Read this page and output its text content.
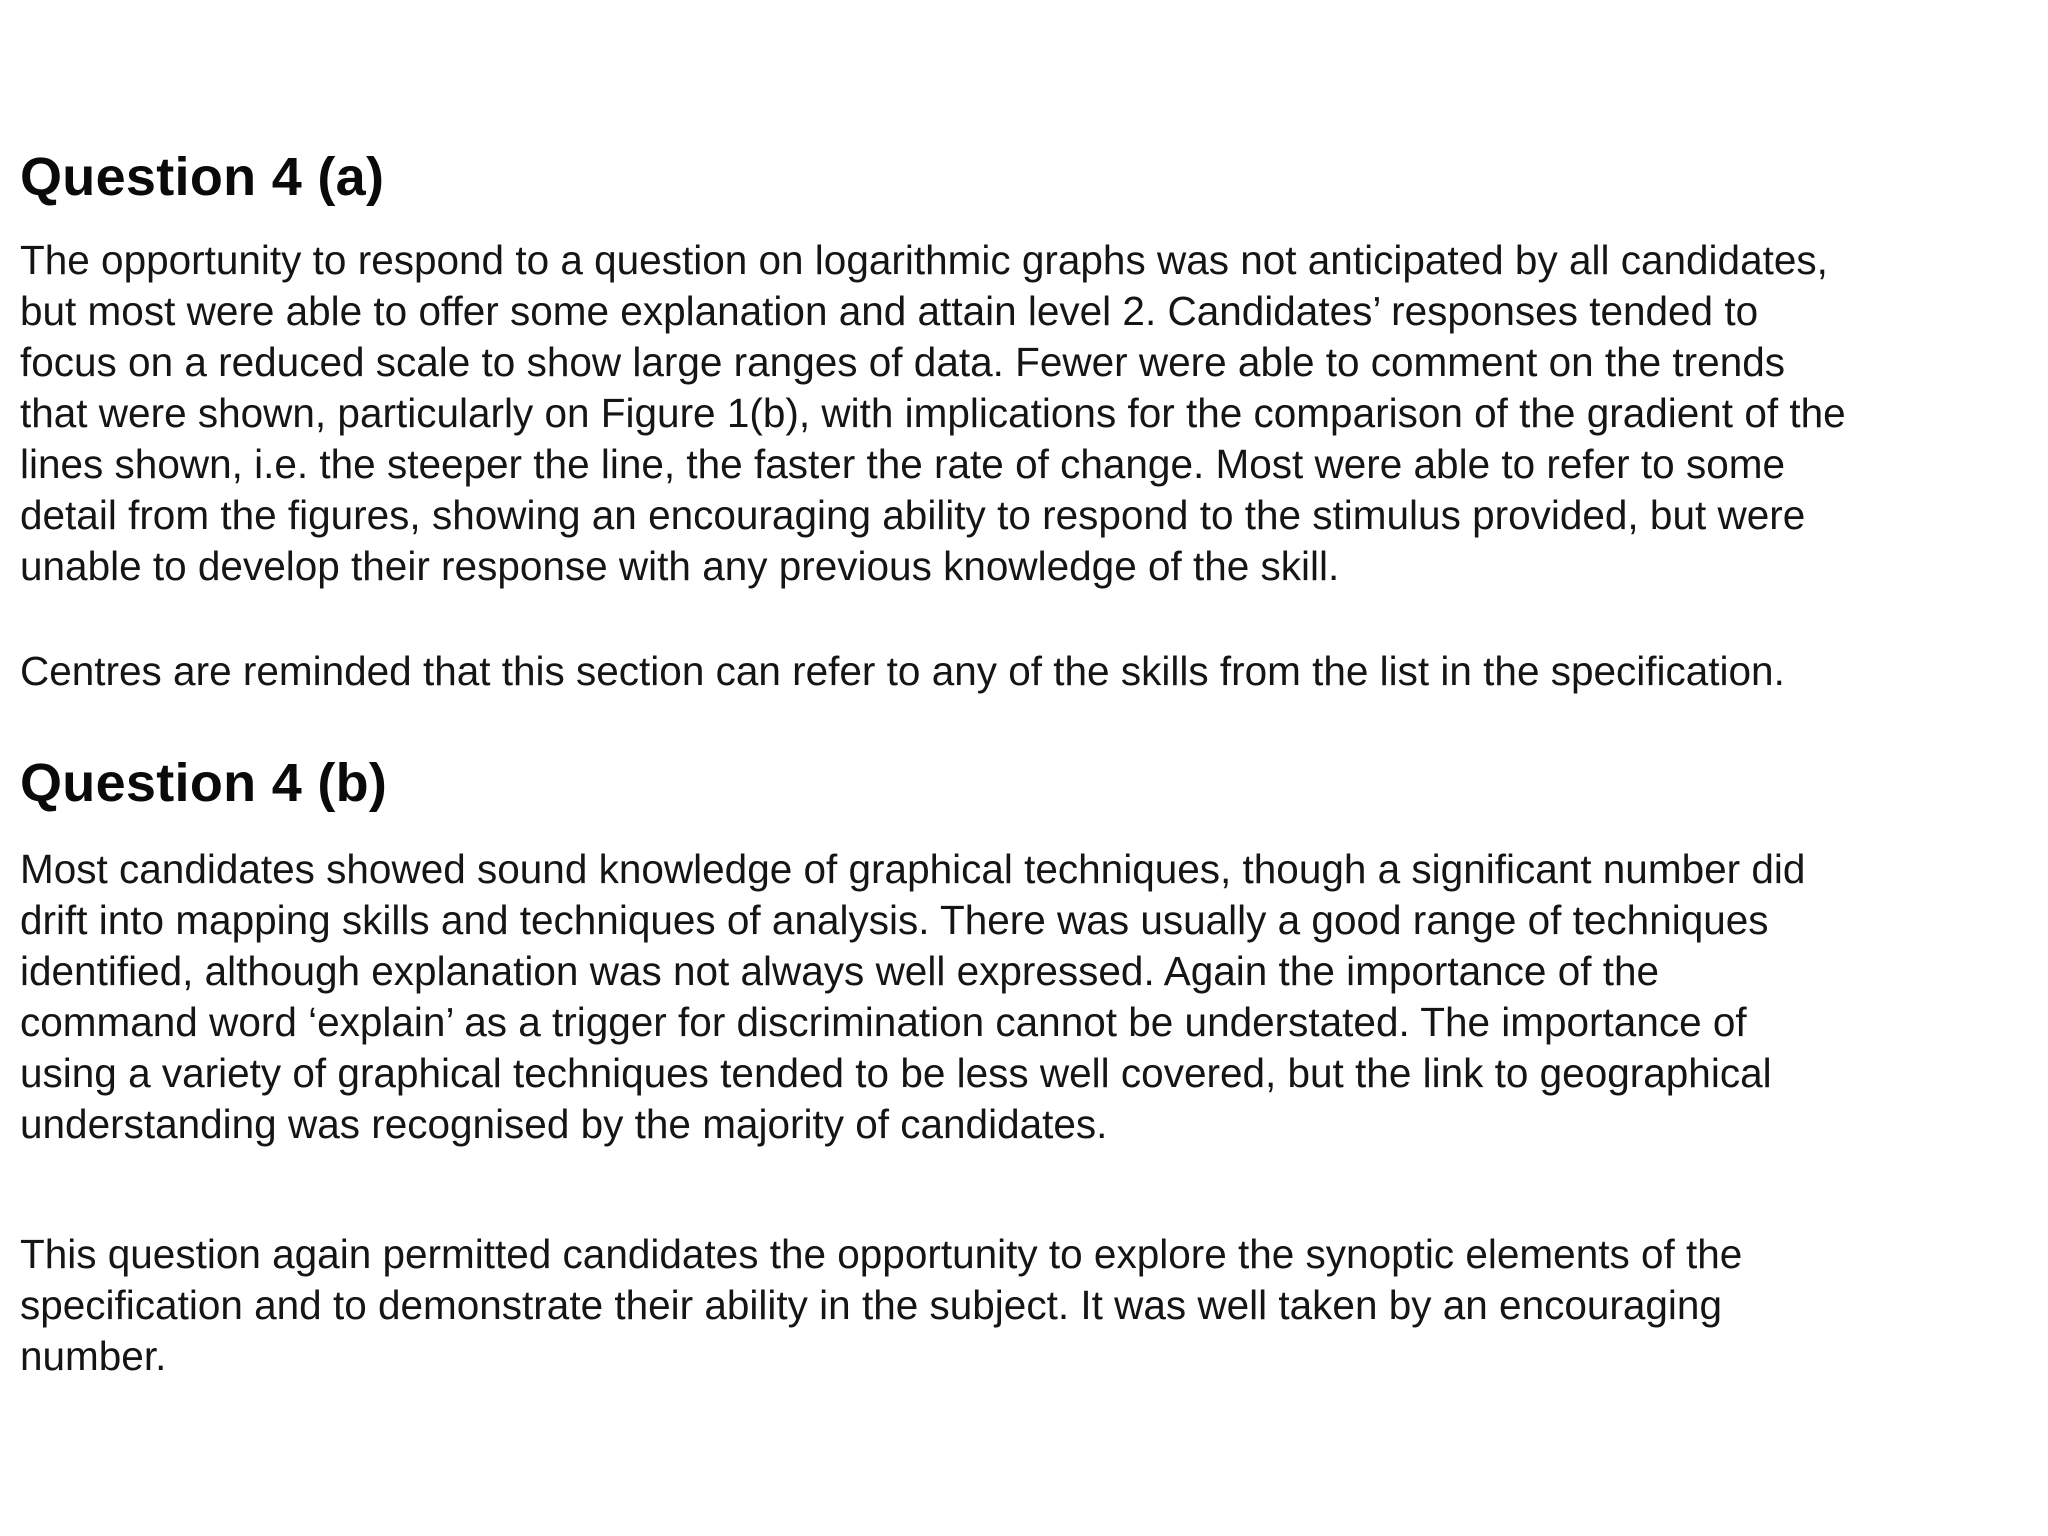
Question 4 (a)

The opportunity to respond to a question on logarithmic graphs was not anticipated by all candidates,
but most were able to offer some explanation and attain level 2. Candidates’ responses tended to
focus on a reduced scale to show large ranges of data. Fewer were able to comment on the trends
that were shown, particularly on Figure 1(b), with implications for the comparison of the gradient of the
lines shown, i.e. the steeper the line, the faster the rate of change. Most were able to refer to some
detail from the figures, showing an encouraging ability to respond to the stimulus provided, but were
unable to develop their response with any previous knowledge of the skill.

Centres are reminded that this section can refer to any of the skills from the list in the specification.

Question 4 (b)

Most candidates showed sound knowledge of graphical techniques, though a significant number did
drift into mapping skills and techniques of analysis. There was usually a good range of techniques
identified, although explanation was not always well expressed. Again the importance of the
command word ‘explain’ as a trigger for discrimination cannot be understated. The importance of
using a variety of graphical techniques tended to be less well covered, but the link to geographical
understanding was recognised by the majority of candidates.

This question again permitted candidates the opportunity to explore the synoptic elements of the
specification and to demonstrate their ability in the subject. It was well taken by an encouraging
number.
